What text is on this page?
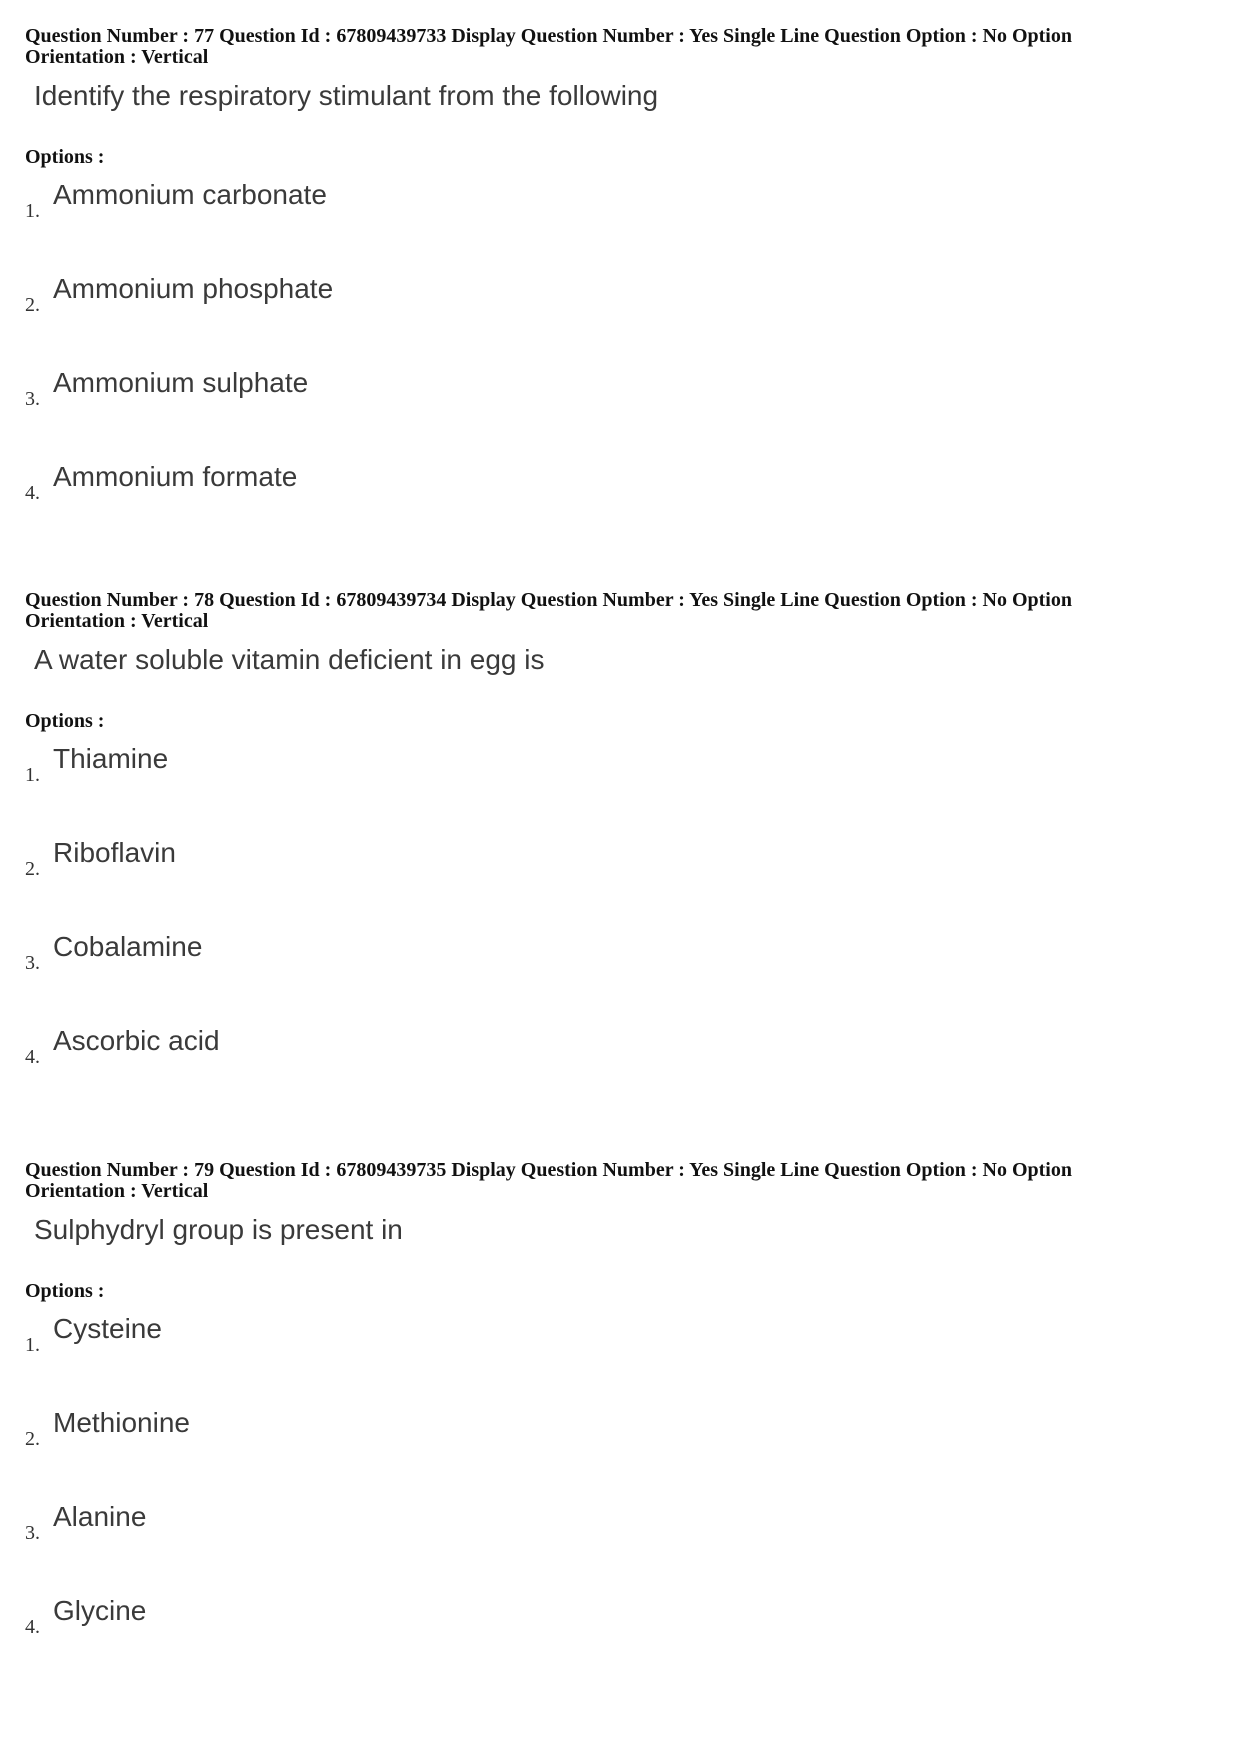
Question Number : 77 Question Id : 67809439733 Display Question Number : Yes Single Line Question Option : No Option Orientation : Vertical
Identify the respiratory stimulant from the following
Options :
Ammonium carbonate
1.
Ammonium phosphate
2.
Ammonium sulphate
3.
Ammonium formate
4.
Question Number : 78 Question Id : 67809439734 Display Question Number : Yes Single Line Question Option : No Option Orientation : Vertical
A water soluble vitamin deficient in egg is
Options :
Thiamine
1.
Riboflavin
2.
Cobalamine
3.
Ascorbic acid
4.
Question Number : 79 Question Id : 67809439735 Display Question Number : Yes Single Line Question Option : No Option Orientation : Vertical
Sulphydryl group is present in
Options :
Cysteine
1.
Methionine
2.
Alanine
3.
Glycine
4.
